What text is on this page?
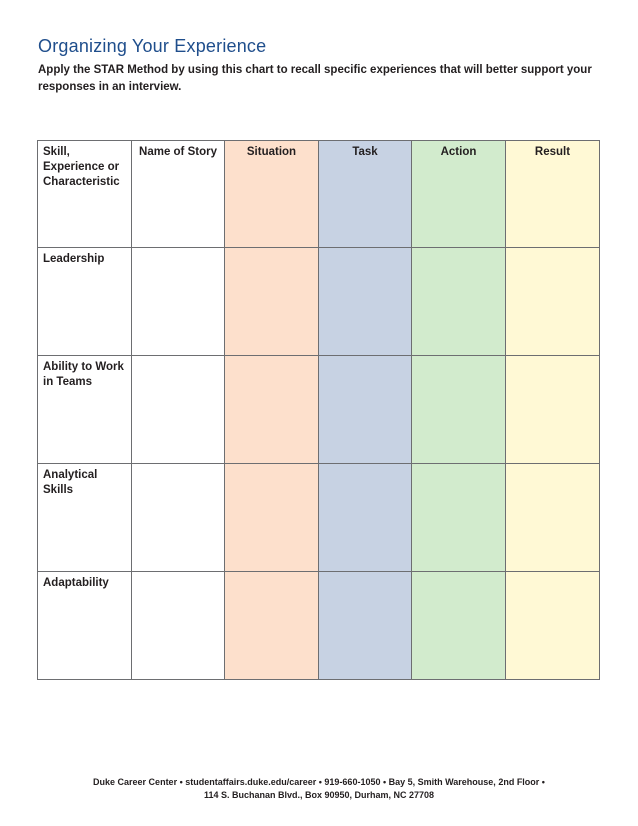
Organizing Your Experience

Apply the STAR Method by using this chart to recall specific experiences that will better support your responses in an interview.

Skill, Experience or Characteristic	Name of Story	Situation	Task	Action	Result
Leadership					
Ability to Work in Teams					
Analytical Skills					
Adaptability					
Duke Career Center • studentaffairs.duke.edu/career • 919-660-1050 • Bay 5, Smith Warehouse, 2nd Floor •
114 S. Buchanan Blvd., Box 90950, Durham, NC 27708
